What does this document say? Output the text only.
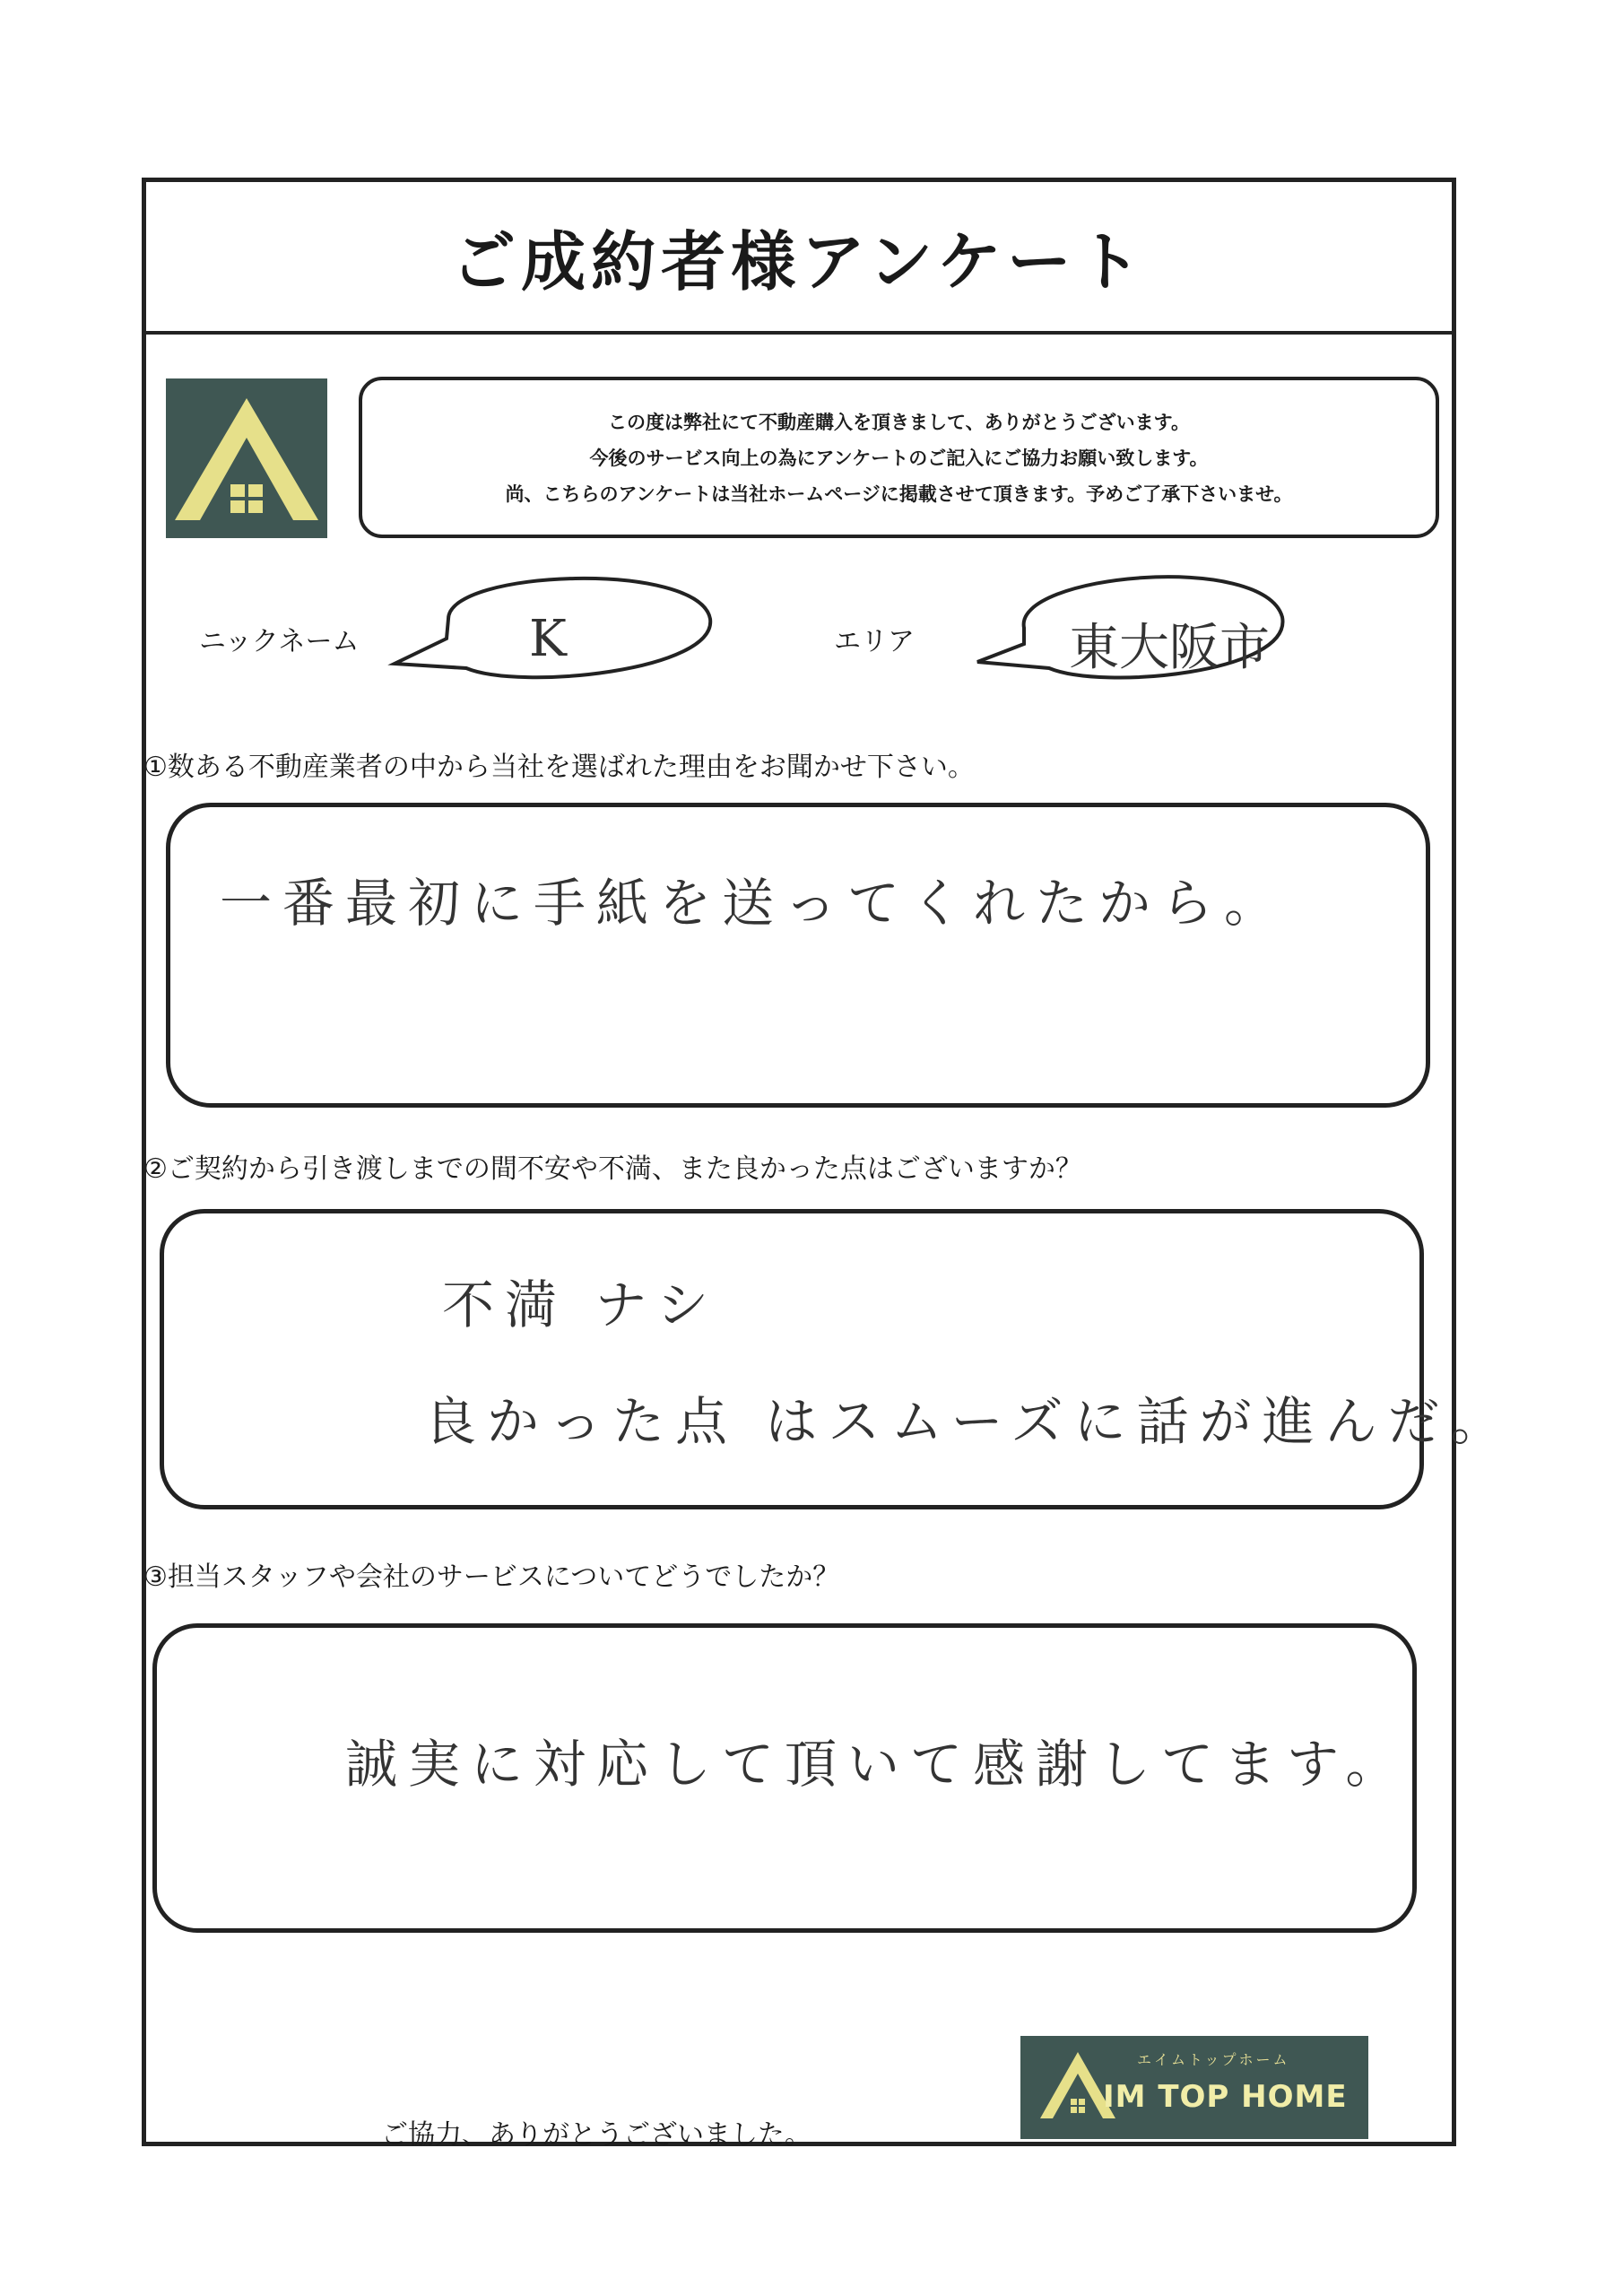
ご成約者様アンケート

この度は弊社にて不動産購入を頂きまして、ありがとうございます。

今後のサービス向上の為にアンケートのご記入にご協力お願い致します。

尚、こちらのアンケートは当社ホームページに掲載させて頂きます。予めご了承下さいませ。

ニックネーム	K	エリア	東大阪市
①数ある不動産業者の中から当社を選ばれた理由をお聞かせ下さい。
一番最初に手紙を送ってくれたから。
②ご契約から引き渡しまでの間不安や不満、また良かった点はございますか？
不満 ナシ
良かった点 はスムーズに話が進んだ。
③担当スタッフや会社のサービスについてどうでしたか？
誠実に対応して頂いて感謝してます。
ご協力、ありがとうございました。
エイムトップホーム
IM TOP HOME
